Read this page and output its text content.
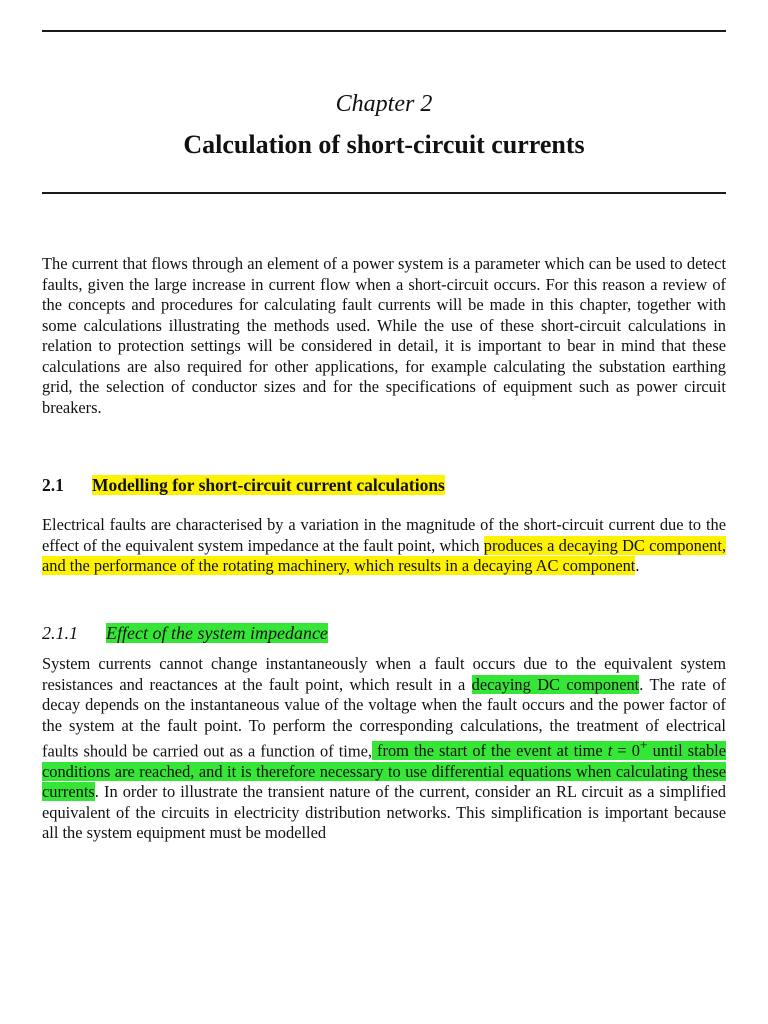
Chapter 2
Calculation of short-circuit currents

The current that flows through an element of a power system is a parameter which can be used to detect faults, given the large increase in current flow when a short-circuit occurs. For this reason a review of the concepts and procedures for calculating fault currents will be made in this chapter, together with some calculations illustrating the methods used. While the use of these short-circuit calculations in relation to protection settings will be considered in detail, it is important to bear in mind that these calculations are also required for other applications, for example calculating the substation earthing grid, the selection of conductor sizes and for the specifications of equipment such as power circuit breakers.

2.1 Modelling for short-circuit current calculations

Electrical faults are characterised by a variation in the magnitude of the short-circuit current due to the effect of the equivalent system impedance at the fault point, which produces a decaying DC component, and the performance of the rotating machinery, which results in a decaying AC component.

2.1.1 Effect of the system impedance

System currents cannot change instantaneously when a fault occurs due to the equivalent system resistances and reactances at the fault point, which result in a decaying DC component. The rate of decay depends on the instantaneous value of the voltage when the fault occurs and the power factor of the system at the fault point. To perform the corresponding calculations, the treatment of electrical faults should be carried out as a function of time, from the start of the event at time t = 0+ until stable conditions are reached, and it is therefore necessary to use differential equations when calculating these currents. In order to illustrate the transient nature of the current, consider an RL circuit as a simplified equivalent of the circuits in electricity distribution networks. This simplification is important because all the system equipment must be modelled
